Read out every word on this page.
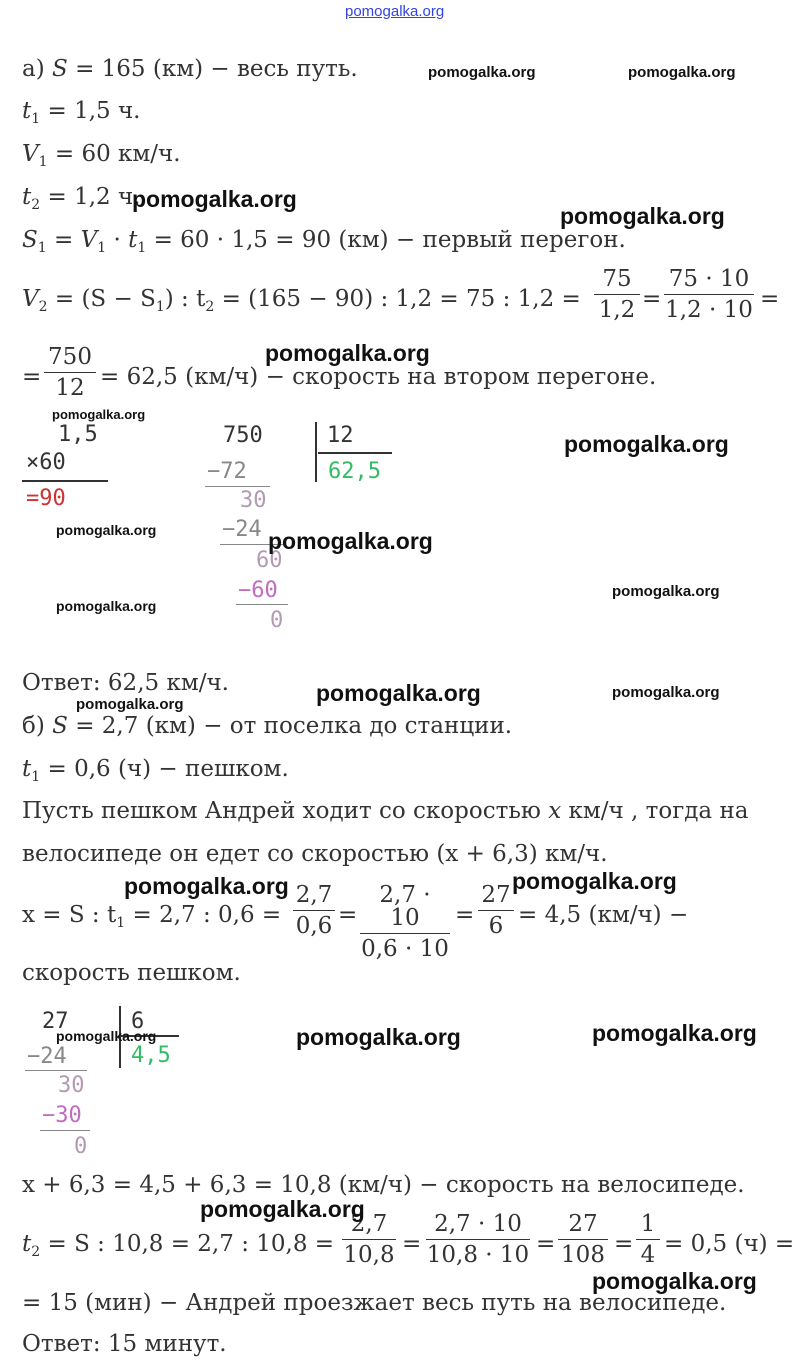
pomogalka.org
а) S = 165 (км) − весь путь.
$t_1 = 1,5$ ч.
$V_1 = 60$ км/ч.
$t_2 = 1,2$ ч.
$S_1 = V_1 \cdot t_1 = 60 \cdot 1,5 = 90$ (км) − первый перегон.
$V_2 = (S - S_1)$ : $t_2 = (165 - 90)$ : 1,2 = 75 : 1,2 =
75
1,2 =
75 · 10
1,2 · 10 =
=
750
12 = 62,5 (км/ч) − скорость на втором перегоне.
1,5
×60
=90
750	12
62,5
−72
30
−24
60
−60
0
Ответ: 62,5 км/ч.
б) S = 2,7 (км) − от поселка до станции.
$t_1 = 0,6$ (ч) − пешком.
Пусть пешком Андрей ходит со скоростью x км/ч , тогда на
велосипеде он едет со скоростью (x + 6,3) км/ч.
x = S : $t_1 = 2,7$ : 0,6 =
2,7
0,6 =
2,7 · 10
0,6 · 10
=
27
6 = 4,5 (км/ч) −
скорость пешком.
27	6
4,5
−24
30
−30
0
x + 6,3 = 4,5 + 6,3 = 10,8 (км/ч) − скорость на велосипеде.
$t_2 = S$ : 10,8 = 2,7 : 10,8 =
2,7
10,8 =
2,7 · 10
10,8 · 10 =
27
108 =
1
4 = 0,5 (ч) =
= 15 (мин) − Андрей проезжает весь путь на велосипеде.
Ответ: 15 минут.
pomogalka.org	pomogalka.org
pomogalka.org
pomogalka.org
pomogalka.org
pomogalka.org
pomogalka.org
pomogalka.org	pomogalka.org
pomogalka.org
pomogalka.org
pomogalka.org	pomogalka.org
pomogalka.org
pomogalka.org	pomogalka.org
pomogalka.org	pomogalka.org	pomogalka.org
pomogalka.org
pomogalka.org
